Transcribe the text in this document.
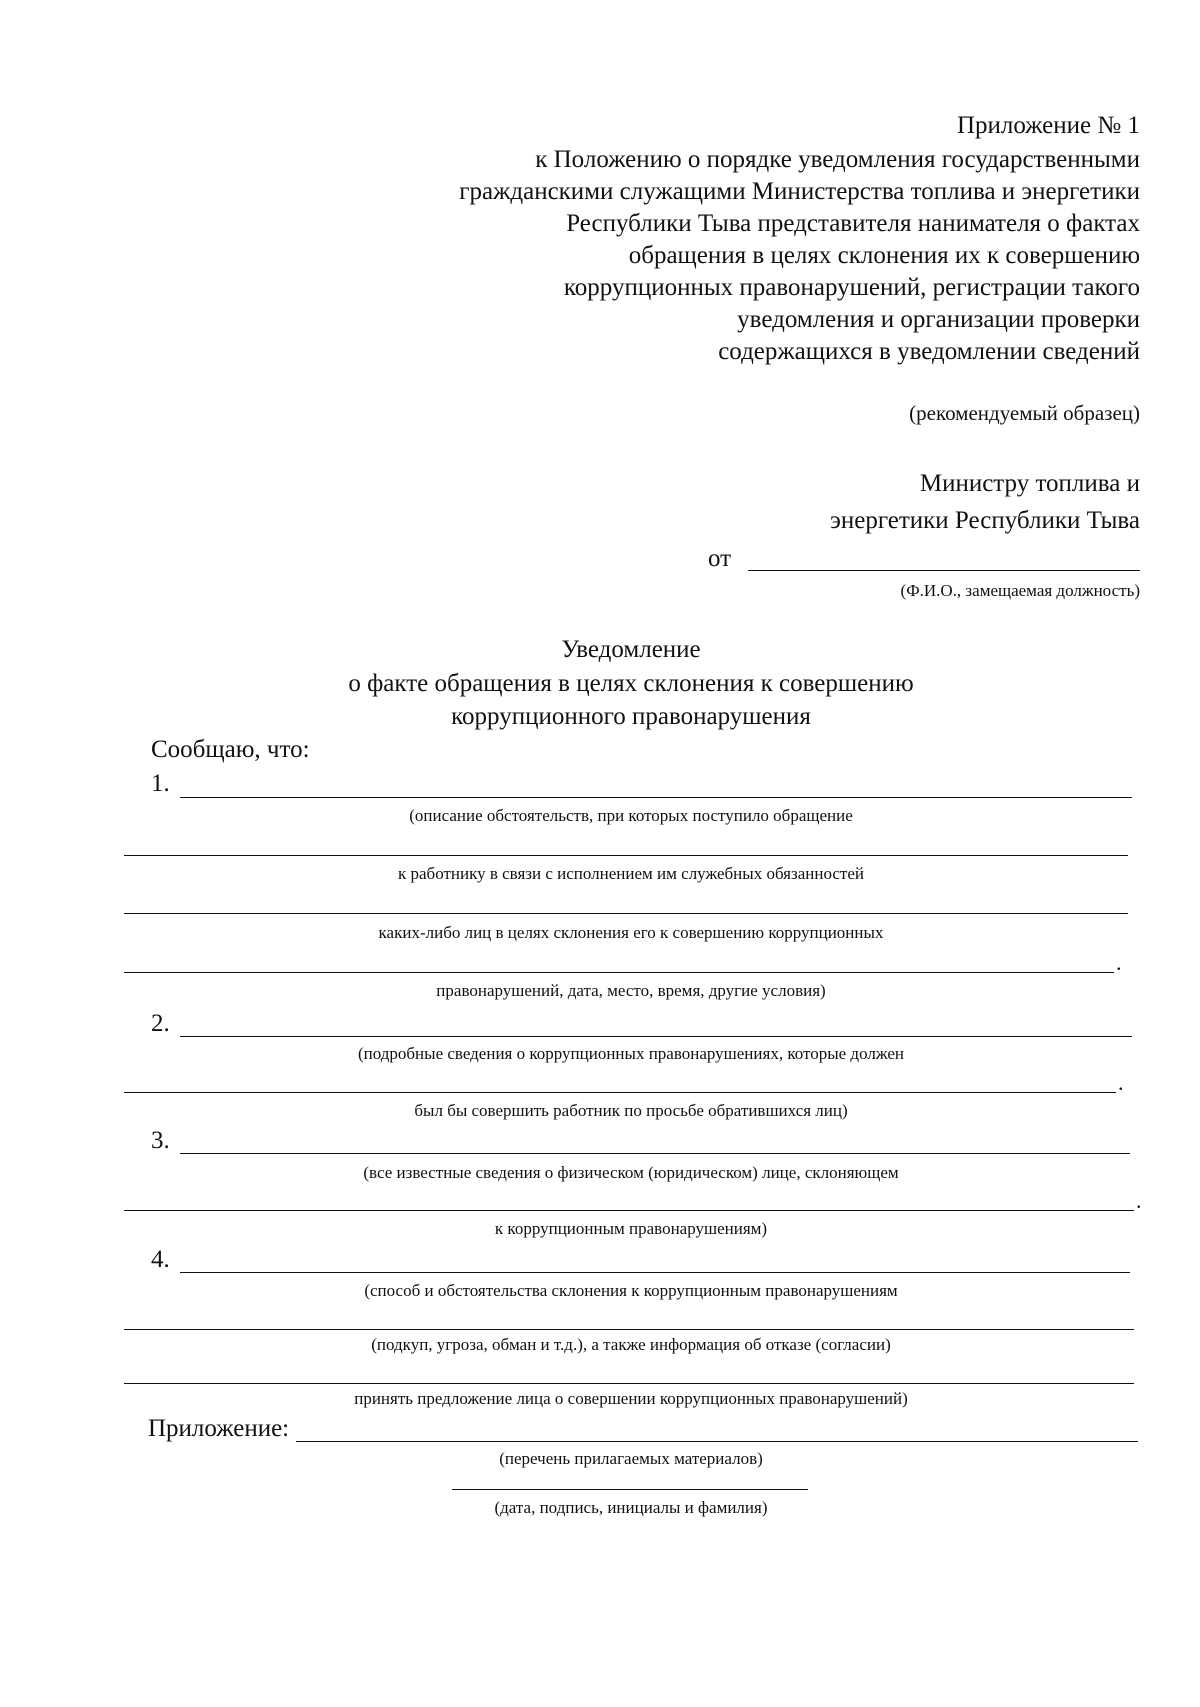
Приложение № 1
к Положению о порядке уведомления государственными
гражданскими служащими Министерства топлива и энергетики
Республики Тыва представителя нанимателя о фактах
обращения в целях склонения их к совершению
коррупционных правонарушений, регистрации такого
уведомления и организации проверки
содержащихся в уведомлении сведений
(рекомендуемый образец)
Министру топлива и
энергетики Республики Тыва
от
(Ф.И.О., замещаемая должность)
Уведомление
о факте обращения в целях склонения к совершению
коррупционного правонарушения
Сообщаю, что:
1.
(описание обстоятельств, при которых поступило обращение
к работнику в связи с исполнением им служебных обязанностей
каких-либо лиц в целях склонения его к совершению коррупционных
.
правонарушений, дата, место, время, другие условия)
2.
(подробные сведения о коррупционных правонарушениях, которые должен
.
был бы совершить работник по просьбе обратившихся лиц)
3.
(все известные сведения о физическом (юридическом) лице, склоняющем
.
к коррупционным правонарушениям)
4.
(способ и обстоятельства склонения к коррупционным правонарушениям
(подкуп, угроза, обман и т.д.), а также информация об отказе (согласии)
принять предложение лица о совершении коррупционных правонарушений)
Приложение:
(перечень прилагаемых материалов)
(дата, подпись, инициалы и фамилия)
